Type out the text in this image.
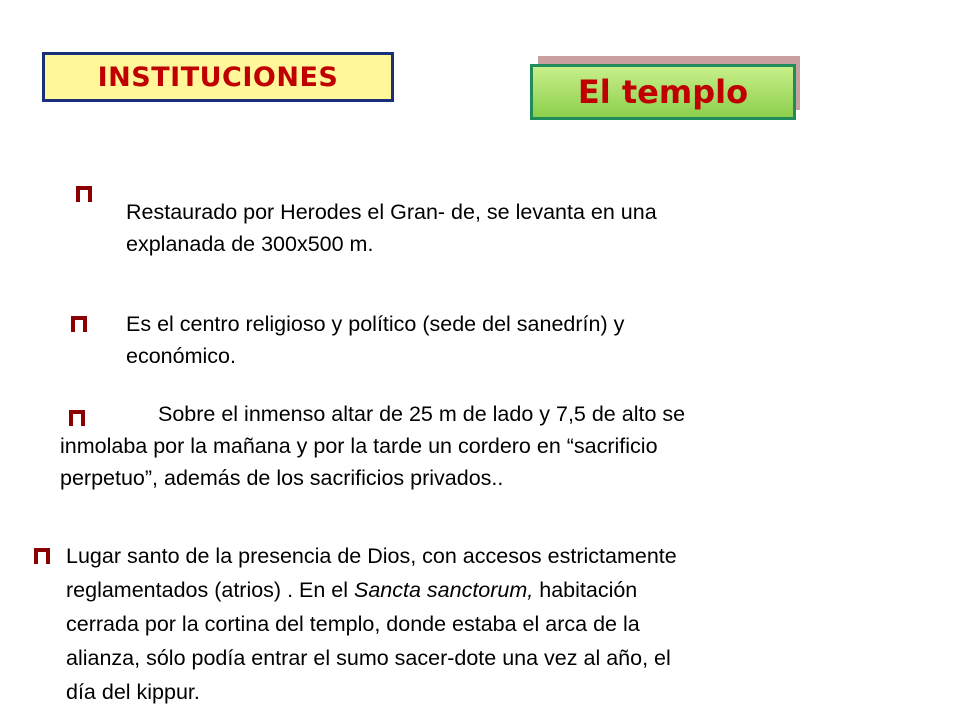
INSTITUCIONES	El templo
Restaurado por Herodes el Gran- de, se levanta en una
explanada de 300x500 m.
Es el centro religioso y político (sede del sanedrín) y
económico.
Sobre el inmenso altar de 25 m de lado y 7,5 de alto se
inmolaba por la mañana y por la tarde un cordero en “sacrificio
perpetuo”, además de los sacrificios privados..
Lugar santo de la presencia de Dios, con accesos estrictamente
reglamentados (atrios) . En el Sancta sanctorum, habitación
cerrada por la cortina del templo, donde estaba el arca de la
alianza, sólo podía entrar el sumo sacer-dote una vez al año, el
día del kippur.
